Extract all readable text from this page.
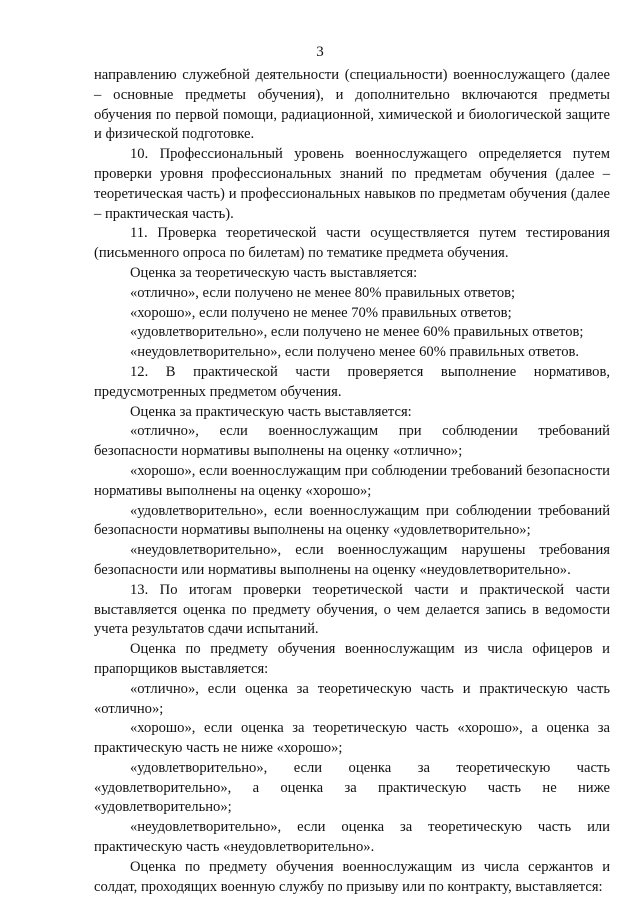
3

направлению служебной деятельности (специальности) военнослужащего (далее – основные предметы обучения), и дополнительно включаются предметы обучения по первой помощи, радиационной, химической и биологической защите и физической подготовке.

10. Профессиональный уровень военнослужащего определяется путем проверки уровня профессиональных знаний по предметам обучения (далее – теоретическая часть) и профессиональных навыков по предметам обучения (далее – практическая часть).

11. Проверка теоретической части осуществляется путем тестирования (письменного опроса по билетам) по тематике предмета обучения.

Оценка за теоретическую часть выставляется:

«отлично», если получено не менее 80% правильных ответов;

«хорошо», если получено не менее 70% правильных ответов;

«удовлетворительно», если получено не менее 60% правильных ответов;

«неудовлетворительно», если получено менее 60% правильных ответов.

12. В практической части проверяется выполнение нормативов, предусмотренных предметом обучения.

Оценка за практическую часть выставляется:

«отлично», если военнослужащим при соблюдении требований безопасности нормативы выполнены на оценку «отлично»;

«хорошо», если военнослужащим при соблюдении требований безопасности нормативы выполнены на оценку «хорошо»;

«удовлетворительно», если военнослужащим при соблюдении требований безопасности нормативы выполнены на оценку «удовлетворительно»;

«неудовлетворительно», если военнослужащим нарушены требования безопасности или нормативы выполнены на оценку «неудовлетворительно».

13. По итогам проверки теоретической части и практической части выставляется оценка по предмету обучения, о чем делается запись в ведомости учета результатов сдачи испытаний.

Оценка по предмету обучения военнослужащим из числа офицеров и прапорщиков выставляется:

«отлично», если оценка за теоретическую часть и практическую часть «отлично»;

«хорошо», если оценка за теоретическую часть «хорошо», а оценка за практическую часть не ниже «хорошо»;

«удовлетворительно», если оценка за теоретическую часть «удовлетворительно», а оценка за практическую часть не ниже «удовлетворительно»;

«неудовлетворительно», если оценка за теоретическую часть или практическую часть «неудовлетворительно».

Оценка по предмету обучения военнослужащим из числа сержантов и солдат, проходящих военную службу по призыву или по контракту, выставляется:
